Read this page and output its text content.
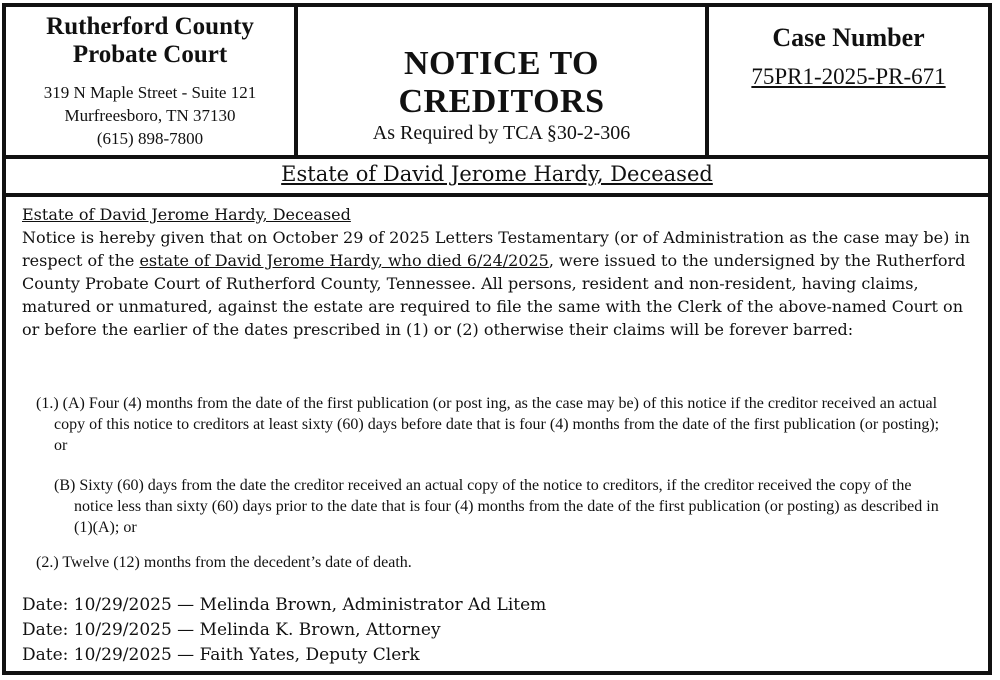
Rutherford County
Probate Court
319 N Maple Street - Suite 121
Murfreesboro, TN 37130
(615) 898-7800
NOTICE TO CREDITORS
As Required by TCA §30-2-306
Case Number
75PR1-2025-PR-671
Estate of David Jerome Hardy, Deceased
Estate of David Jerome Hardy, Deceased
Notice is hereby given that on October 29 of 2025 Letters Testamentary (or of Administration as the case may be) in respect of the estate of David Jerome Hardy, who died 6/24/2025, were issued to the undersigned by the Rutherford County Probate Court of Rutherford County, Tennessee. All persons, resident and non-resident, having claims, matured or unmatured, against the estate are required to file the same with the Clerk of the above-named Court on or before the earlier of the dates prescribed in (1) or (2) otherwise their claims will be forever barred:
(1.) (A) Four (4) months from the date of the first publication (or post ing, as the case may be) of this notice if the creditor received an actual copy of this notice to creditors at least sixty (60) days before date that is four (4) months from the date of the first publication (or posting); or
(B) Sixty (60) days from the date the creditor received an actual copy of the notice to creditors, if the creditor received the copy of the notice less than sixty (60) days prior to the date that is four (4) months from the date of the first publication (or posting) as described in (1)(A); or
(2.) Twelve (12) months from the decedent’s date of death.
Date: 10/29/2025 — Melinda Brown, Administrator Ad Litem
Date: 10/29/2025 — Melinda K. Brown, Attorney
Date: 10/29/2025 — Faith Yates, Deputy Clerk
